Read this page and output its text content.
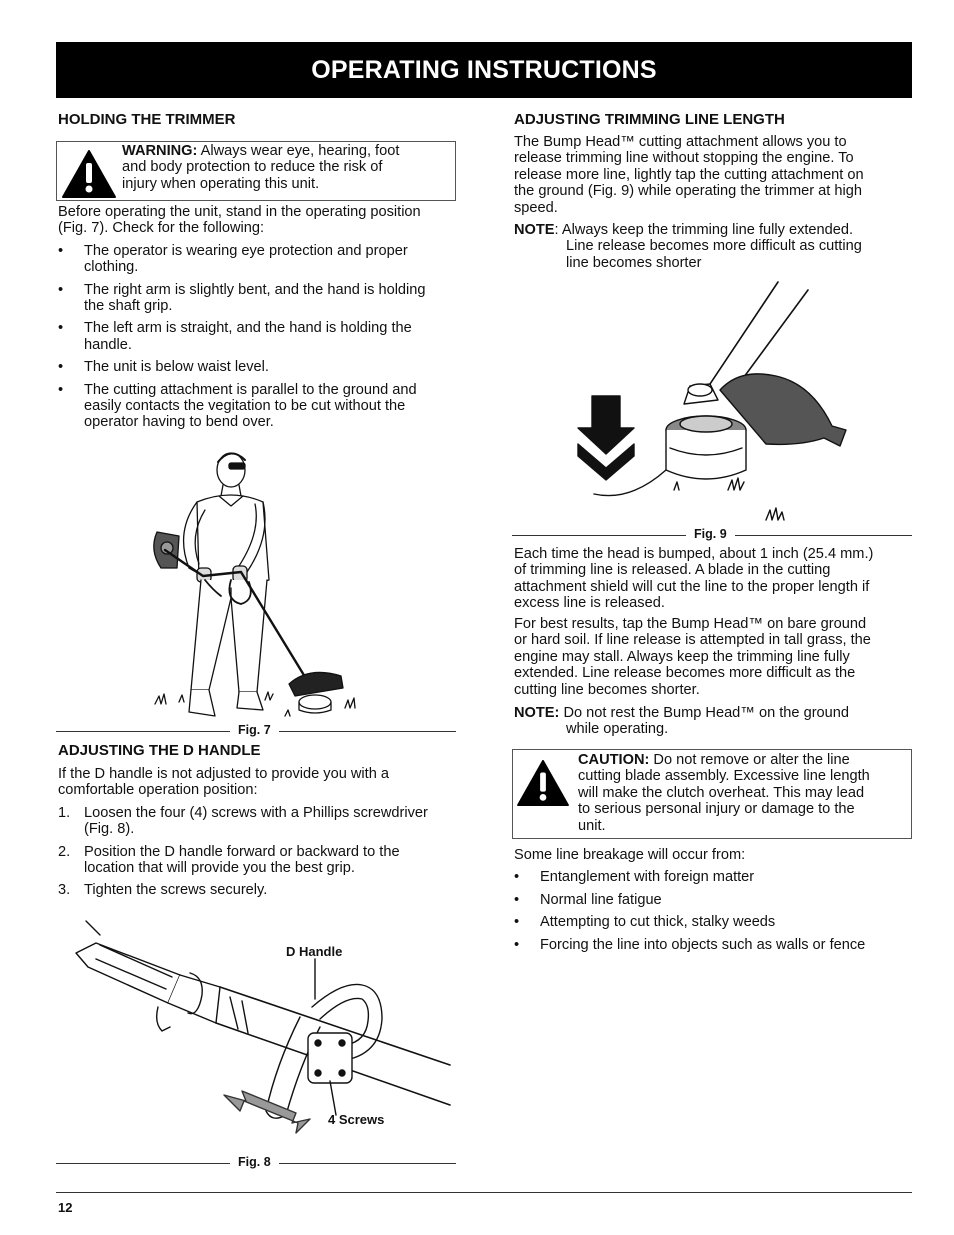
OPERATING INSTRUCTIONS
HOLDING THE TRIMMER
WARNING: Always wear eye, hearing, foot
and body protection to reduce the risk of
injury when operating this unit.

Before operating the unit, stand in the operating position
(Fig. 7). Check for the following:

• The operator is wearing eye protection and proper
clothing.
• The right arm is slightly bent, and the hand is holding
the shaft grip.
• The left arm is straight, and the hand is holding the
handle.
• The unit is below waist level.
• The cutting attachment is parallel to the ground and
easily contacts the vegitation to be cut without the
operator having to bend over.
Fig. 7
ADJUSTING THE D HANDLE

If the D handle is not adjusted to provide you with a
comfortable operation position:

1. Loosen the four (4) screws with a Phillips screwdriver
(Fig. 8).
2. Position the D handle forward or backward to the
location that will provide you the best grip.
3. Tighten the screws securely.
D Handle
4 Screws
Fig. 8
ADJUSTING TRIMMING LINE LENGTH
The Bump Head™ cutting attachment allows you to
release trimming line without stopping the engine. To
release more line, lightly tap the cutting attachment on
the ground (Fig. 9) while operating the trimmer at high
speed.
NOTE: Always keep the trimming line fully extended.
Line release becomes more difficult as cutting
line becomes shorter
Fig. 9
Each time the head is bumped, about 1 inch (25.4 mm.)
of trimming line is released. A blade in the cutting
attachment shield will cut the line to the proper length if
excess line is released.
For best results, tap the Bump Head™ on bare ground
or hard soil. If line release is attempted in tall grass, the
engine may stall. Always keep the trimming line fully
extended. Line release becomes more difficult as the
cutting line becomes shorter.
NOTE: Do not rest the Bump Head™ on the ground
while operating.
CAUTION: Do not remove or alter the line
cutting blade assembly. Excessive line length
will make the clutch overheat. This may lead
to serious personal injury or damage to the
unit.

Some line breakage will occur from:

• Entanglement with foreign matter
• Normal line fatigue
• Attempting to cut thick, stalky weeds
• Forcing the line into objects such as walls or fence
12
